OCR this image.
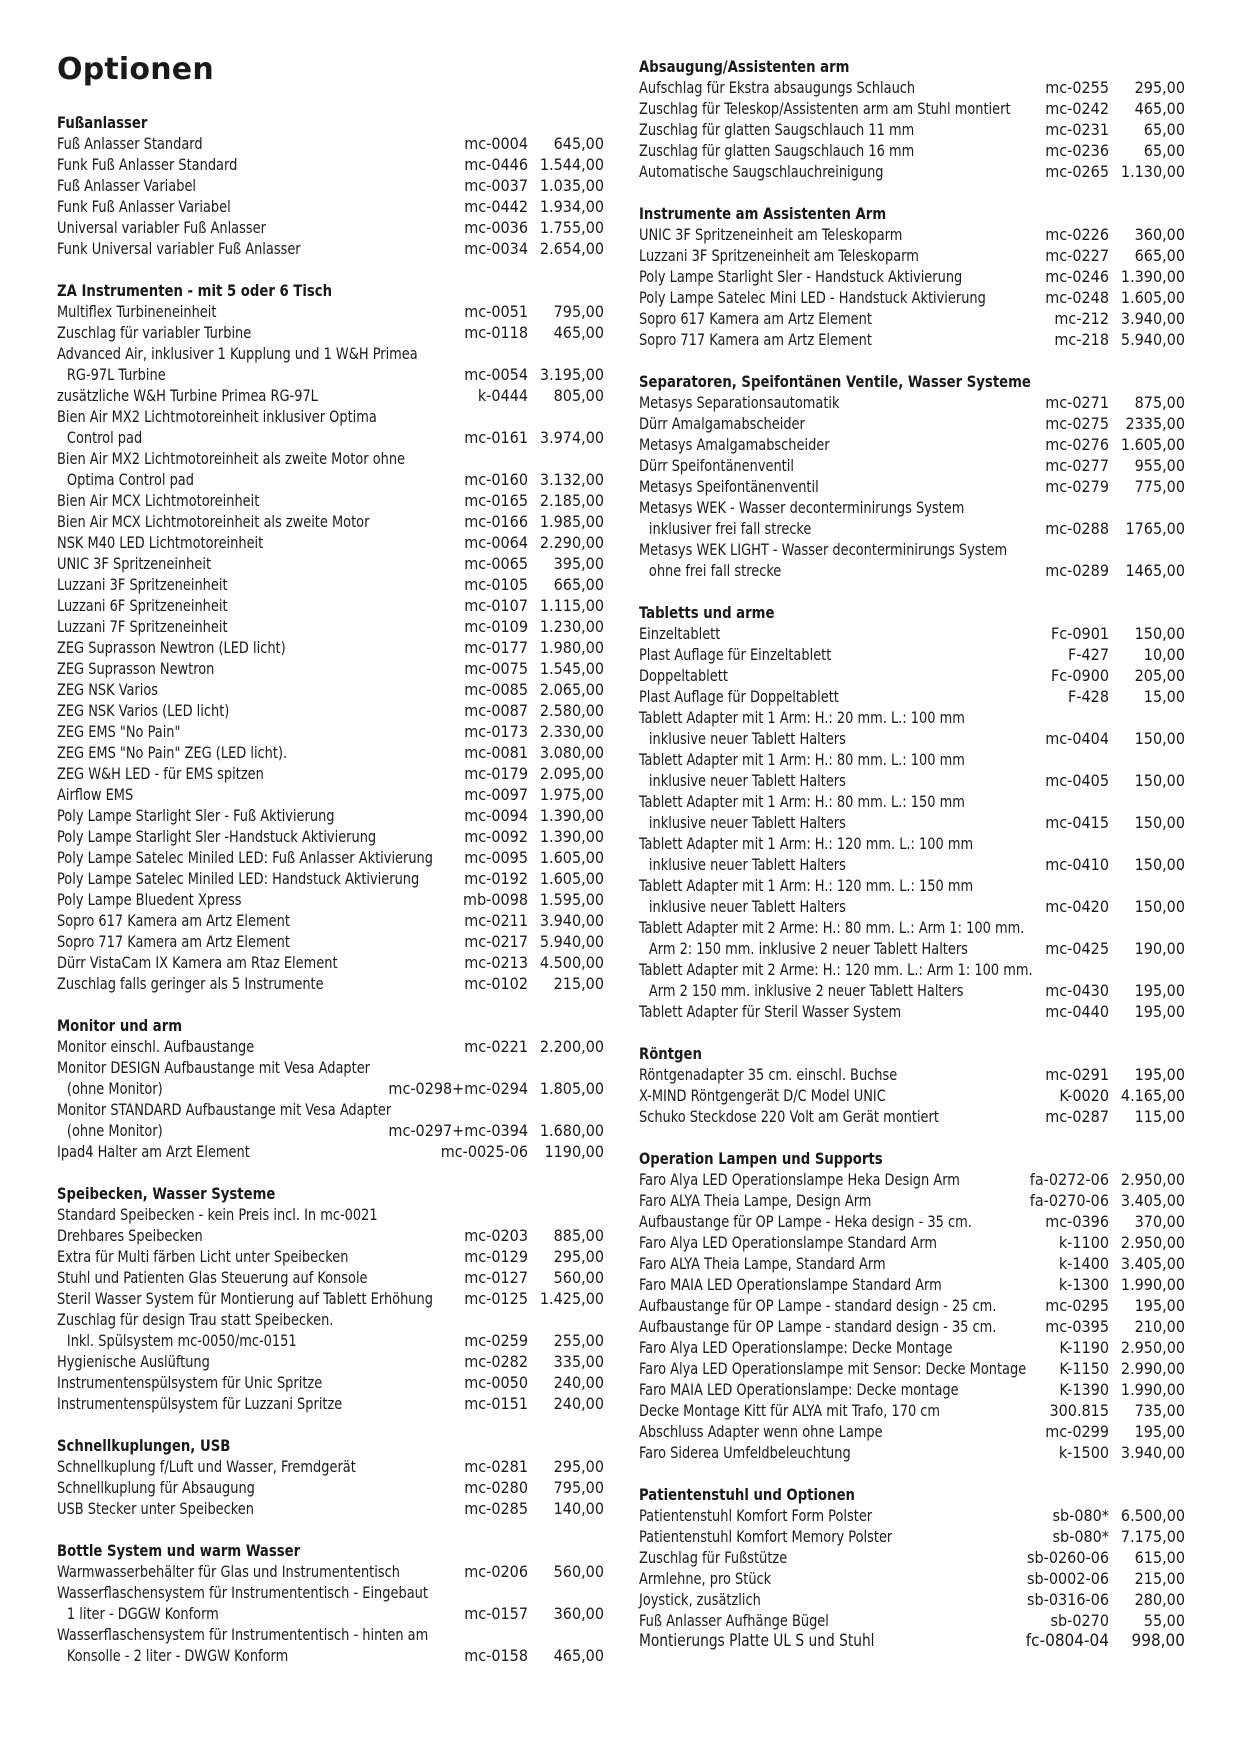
Optionen
Fußanlasser
Fuß Anlasser Standard	mc-0004	645,00
Funk Fuß Anlasser Standard	mc-0446 1.544,00
Fuß Anlasser Variabel	mc-0037 1.035,00
Funk Fuß Anlasser Variabel	mc-0442 1.934,00
Universal variabler Fuß Anlasser	mc-0036 1.755,00
Funk Universal variabler Fuß Anlasser	mc-0034 2.654,00
ZA Instrumenten - mit 5 oder 6 Tisch
Multiflex Turbineneinheit	mc-0051	795,00
Zuschlag für variabler Turbine	mc-0118	465,00
Advanced Air, inklusiver 1 Kupplung und 1 W&H Primea
RG-97L Turbine	mc-0054 3.195,00
zusätzliche W&H Turbine Primea RG-97L	k-0444	805,00
Bien Air MX2 Lichtmotoreinheit inklusiver Optima
Control pad	mc-0161 3.974,00
Bien Air MX2 Lichtmotoreinheit als zweite Motor ohne
Optima Control pad	mc-0160 3.132,00
Bien Air MCX Lichtmotoreinheit	mc-0165 2.185,00
Bien Air MCX Lichtmotoreinheit als zweite Motor	mc-0166 1.985,00
NSK M40 LED Lichtmotoreinheit	mc-0064 2.290,00
UNIC 3F Spritzeneinheit	mc-0065	395,00
Luzzani 3F Spritzeneinheit	mc-0105	665,00
Luzzani 6F Spritzeneinheit	mc-0107 1.115,00
Luzzani 7F Spritzeneinheit	mc-0109 1.230,00
ZEG Suprasson Newtron (LED licht)	mc-0177 1.980,00
ZEG Suprasson Newtron	mc-0075 1.545,00
ZEG NSK Varios	mc-0085 2.065,00
ZEG NSK Varios (LED licht)	mc-0087 2.580,00
ZEG EMS "No Pain"	mc-0173 2.330,00
ZEG EMS "No Pain" ZEG (LED licht).	mc-0081 3.080,00
ZEG W&H LED - für EMS spitzen	mc-0179 2.095,00
Airflow EMS	mc-0097 1.975,00
Poly Lampe Starlight Sler - Fuß Aktivierung	mc-0094 1.390,00
Poly Lampe Starlight Sler -Handstuck Aktivierung	mc-0092 1.390,00
Poly Lampe Satelec Miniled LED: Fuß Anlasser Aktivierung	mc-0095 1.605,00
Poly Lampe Satelec Miniled LED: Handstuck Aktivierung	mc-0192 1.605,00
Poly Lampe Bluedent Xpress	mb-0098 1.595,00
Sopro 617 Kamera am Artz Element	mc-0211 3.940,00
Sopro 717 Kamera am Artz Element	mc-0217 5.940,00
Dürr VistaCam IX Kamera am Rtaz Element	mc-0213 4.500,00
Zuschlag falls geringer als 5 Instrumente	mc-0102	215,00
Monitor und arm
Monitor einschl. Aufbaustange	mc-0221 2.200,00
Monitor DESIGN Aufbaustange mit Vesa Adapter
(ohne Monitor)	mc-0298+mc-0294 1.805,00
Monitor STANDARD Aufbaustange mit Vesa Adapter
(ohne Monitor)	mc-0297+mc-0394 1.680,00
Ipad4 Halter am Arzt Element	mc-0025-06	1190,00
Speibecken, Wasser Systeme
Standard Speibecken - kein Preis incl. In mc-0021
Drehbares Speibecken	mc-0203	885,00
Extra für Multi färben Licht unter Speibecken	mc-0129	295,00
Stuhl und Patienten Glas Steuerung auf Konsole	mc-0127	560,00
Steril Wasser System für Montierung auf Tablett Erhöhung	mc-0125 1.425,00
Zuschlag für design Trau statt Speibecken.
Inkl. Spülsystem mc-0050/mc-0151	mc-0259	255,00
Hygienische Auslüftung	mc-0282	335,00
Instrumentenspülsystem für Unic Spritze	mc-0050	240,00
Instrumentenspülsystem für Luzzani Spritze	mc-0151	240,00
Schnellkuplungen, USB
Schnellkuplung f/Luft und Wasser, Fremdgerät	mc-0281	295,00
Schnellkuplung für Absaugung	mc-0280	795,00
USB Stecker unter Speibecken	mc-0285	140,00
Bottle System und warm Wasser
Warmwasserbehälter für Glas und Instrumententisch	mc-0206	560,00
Wasserflaschensystem für Instrumententisch - Eingebaut
1 liter - DGGW Konform	mc-0157	360,00
Wasserflaschensystem für Instrumententisch - hinten am
Konsolle - 2 liter - DWGW Konform	mc-0158	465,00
Absaugung/Assistenten arm
Aufschlag für Ekstra absaugungs Schlauch	mc-0255	295,00
Zuschlag für Teleskop/Assistenten arm am Stuhl montiert	mc-0242	465,00
Zuschlag für glatten Saugschlauch 11 mm	mc-0231	65,00
Zuschlag für glatten Saugschlauch 16 mm	mc-0236	65,00
Automatische Saugschlauchreinigung	mc-0265 1.130,00
Instrumente am Assistenten Arm
UNIC 3F Spritzeneinheit am Teleskoparm	mc-0226	360,00
Luzzani 3F Spritzeneinheit am Teleskoparm	mc-0227	665,00
Poly Lampe Starlight Sler - Handstuck Aktivierung	mc-0246 1.390,00
Poly Lampe Satelec Mini LED - Handstuck Aktivierung	mc-0248 1.605,00
Sopro 617 Kamera am Artz Element	mc-212 3.940,00
Sopro 717 Kamera am Artz Element	mc-218 5.940,00
Separatoren, Speifontänen Ventile, Wasser Systeme
Metasys Separationsautomatik	mc-0271	875,00
Dürr Amalgamabscheider	mc-0275	2335,00
Metasys Amalgamabscheider	mc-0276 1.605,00
Dürr Speifontänenventil	mc-0277	955,00
Metasys Speifontänenventil	mc-0279	775,00
Metasys WEK - Wasser deconterminirungs System
inklusiver frei fall strecke	mc-0288	1765,00
Metasys WEK LIGHT - Wasser deconterminirungs System
ohne frei fall strecke	mc-0289	1465,00
Tabletts und arme
Einzeltablett	Fc-0901	150,00
Plast Auflage für Einzeltablett	F-427	10,00
Doppeltablett	Fc-0900	205,00
Plast Auflage für Doppeltablett	F-428	15,00
Tablett Adapter mit 1 Arm: H.: 20 mm. L.: 100 mm
inklusive neuer Tablett Halters	mc-0404	150,00
Tablett Adapter mit 1 Arm: H.: 80 mm. L.: 100 mm
inklusive neuer Tablett Halters	mc-0405	150,00
Tablett Adapter mit 1 Arm: H.: 80 mm. L.: 150 mm
inklusive neuer Tablett Halters	mc-0415	150,00
Tablett Adapter mit 1 Arm: H.: 120 mm. L.: 100 mm
inklusive neuer Tablett Halters	mc-0410	150,00
Tablett Adapter mit 1 Arm: H.: 120 mm. L.: 150 mm
inklusive neuer Tablett Halters	mc-0420	150,00
Tablett Adapter mit 2 Arme: H.: 80 mm. L.: Arm 1: 100 mm.
Arm 2: 150 mm. inklusive 2 neuer Tablett Halters	mc-0425	190,00
Tablett Adapter mit 2 Arme: H.: 120 mm. L.: Arm 1: 100 mm.
Arm 2 150 mm. inklusive 2 neuer Tablett Halters	mc-0430	195,00
Tablett Adapter für Steril Wasser System	mc-0440	195,00
Röntgen
Röntgenadapter 35 cm. einschl. Buchse	mc-0291	195,00
X-MIND Röntgengerät D/C Model UNIC	K-0020 4.165,00
Schuko Steckdose 220 Volt am Gerät montiert	mc-0287	115,00
Operation Lampen und Supports
Faro Alya LED Operationslampe Heka Design Arm	fa-0272-06 2.950,00
Faro ALYA Theia Lampe, Design Arm	fa-0270-06 3.405,00
Aufbaustange für OP Lampe - Heka design - 35 cm.	mc-0396	370,00
Faro Alya LED Operationslampe Standard Arm	k-1100 2.950,00
Faro ALYA Theia Lampe, Standard Arm	k-1400 3.405,00
Faro MAIA LED Operationslampe Standard Arm	k-1300 1.990,00
Aufbaustange für OP Lampe - standard design - 25 cm.	mc-0295	195,00
Aufbaustange für OP Lampe - standard design - 35 cm.	mc-0395	210,00
Faro Alya LED Operationslampe: Decke Montage	K-1190 2.950,00
Faro Alya LED Operationslampe mit Sensor: Decke Montage	K-1150 2.990,00
Faro MAIA LED Operationslampe: Decke montage	K-1390 1.990,00
Decke Montage Kitt für ALYA mit Trafo, 170 cm	300.815	735,00
Abschluss Adapter wenn ohne Lampe	mc-0299	195,00
Faro Siderea Umfeldbeleuchtung	k-1500 3.940,00
Patientenstuhl und Optionen
Patientenstuhl Komfort Form Polster	sb-080* 6.500,00
Patientenstuhl Komfort Memory Polster	sb-080* 7.175,00
Zuschlag für Fußstütze	sb-0260-06	615,00
Armlehne, pro Stück	sb-0002-06	215,00
Joystick, zusätzlich	sb-0316-06	280,00
Fuß Anlasser Aufhänge Bügel	sb-0270	55,00
Montierungs Platte UL S und Stuhl	fc-0804-04	998,00
